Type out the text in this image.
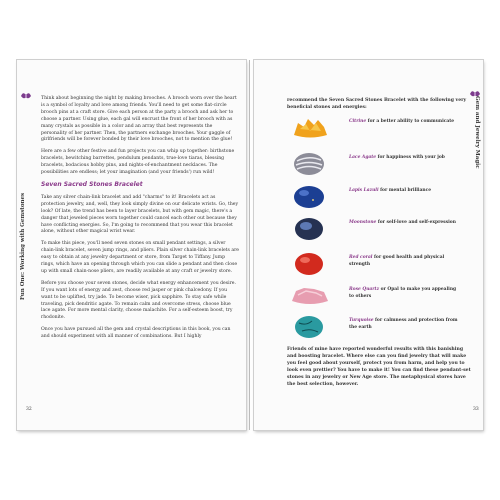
Fun One: Working with Gemstones

Think about beginning the night by making brooches. A brooch worn over the heart is a symbol of loyalty and love among friends. You'll need to get some flat-circle brooch pins at a craft store. Give each person at the party a brooch and ask her to choose a partner. Using glue, each gal will encrust the front of her brooch with as many crystals as possible in a color and an array that best represents the personality of her partner. Then, the partners exchange brooches. Your gaggle of girlfriends will be forever bonded by their love brooches, not to mention the glue!

Here are a few other festive and fun projects you can whip up together: birthstone bracelets, bewitching barrettes, pendulum pendants, true-love tiaras, blessing bracelets, bodacious hobby pins, and nights-of-enchantment necklaces. The possibilities are endless; let your imagination (and your friends') run wild!

Seven Sacred Stones Bracelet

Take any silver chain-link bracelet and add "charms" to it! Bracelets act as protection jewelry, and, well, they look simply divine on our delicate wrists. Go, they look? Of late, the trend has been to layer bracelets, but with gem magic, there's a danger that jeweled pieces worn together could cancel each other out because they have conflicting energies. So, I'm going to recommend that you wear this bracelet alone, without other magical wrist wear.

To make this piece, you'll need seven stones on small pendant settings, a silver chain-link bracelet, seven jump rings, and pliers. Plain silver chain-link bracelets are easy to obtain at any jewelry department or store, from Target to Tiffany. Jump rings, which have an opening through which you can slide a pendant and then close up with small chain-nose pliers, are readily available at any craft or jewelry store.

Before you choose your seven stones, decide what energy enhancement you desire. If you want lots of energy and zest, choose red jasper or pink chalcedony. If you want to be uplifted, try jade. To become wiser, pick sapphire. To stay safe while traveling, pick dendritic agate. To remain calm and overcome stress, choose blue lace agate. For more mental clarity, choose malachite. For a self-esteem boost, try rhodonite.

Once you have pursued all the gem and crystal descriptions in this book, you can and should experiment with all manner of combinations. But I highly

32
Gem and Jewelry Magic
recommend the Seven Sacred Stones Bracelet with the following very beneficial stones and energies:
Citrine for a better ability to communicate
Lace Agate for happiness with your job
Lapis Lazuli for mental brilliance
Moonstone for self-love and self-expression
Red coral for good health and physical strength
Rose Quartz or Opal to make you appealing to others
Turquoise for calmness and protection from the earth
Friends of mine have reported wonderful results with this banishing and boosting bracelet. Where else can you find jewelry that will make you feel good about yourself, protect you from harm, and help you to look even prettier? You have to make it! You can find these pendant-set stones in any jewelry or New Age store. The metaphysical stores have the best selection, however.
33
